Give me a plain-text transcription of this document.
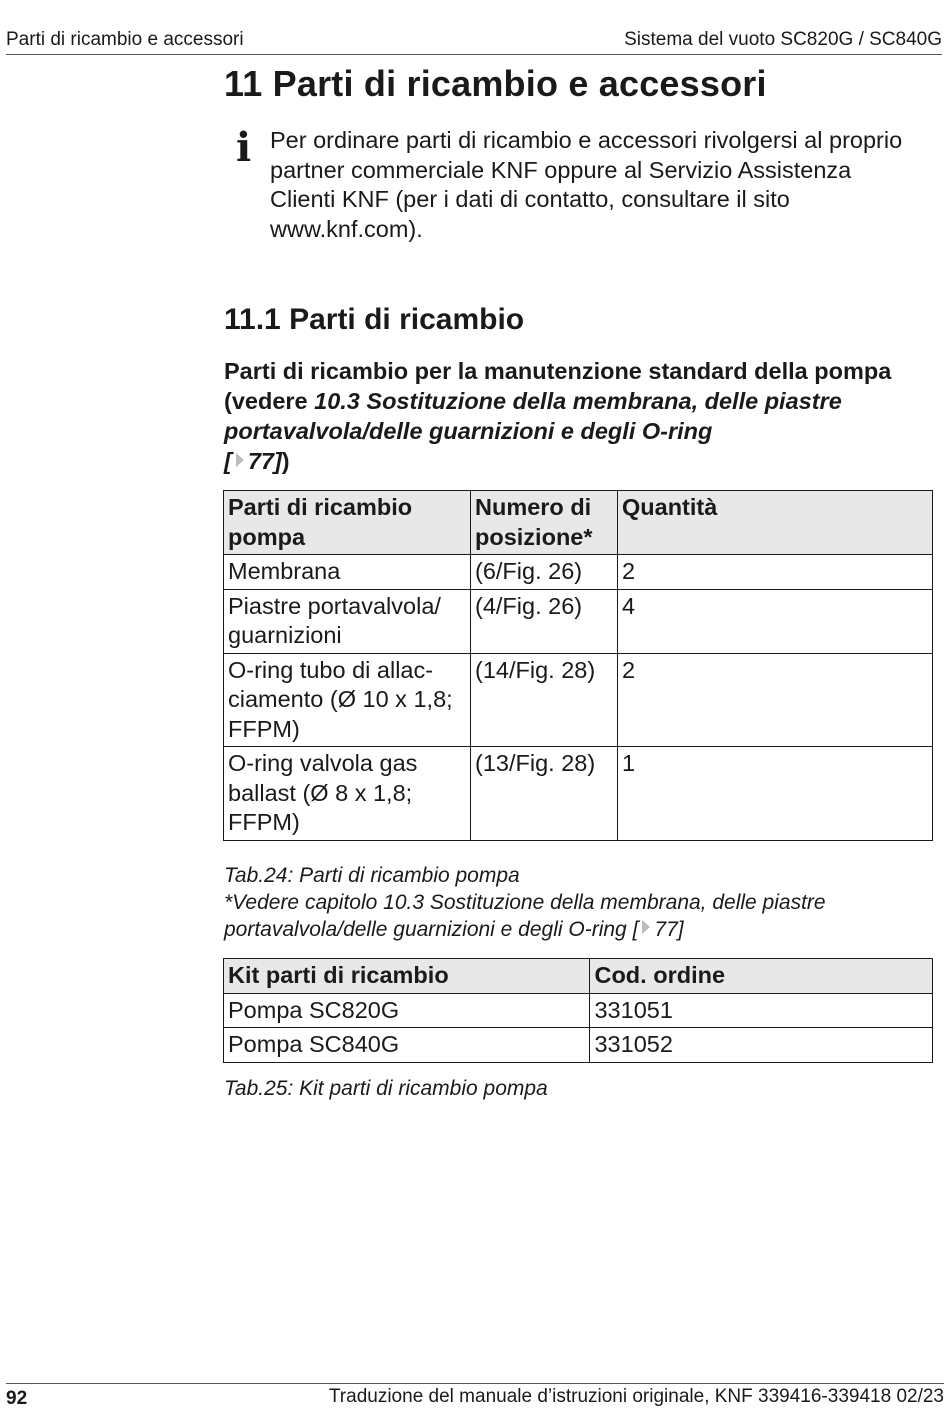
Parti di ricambio e accessori	Sistema del vuoto SC820G / SC840G
11 Parti di ricambio e accessori
i Per ordinare parti di ricambio e accessori rivolgersi al proprio partner commerciale KNF oppure al Servizio Assistenza Clienti KNF (per i dati di contatto, consultare il sito www.knf.com).
11.1 Parti di ricambio

Parti di ricambio per la manutenzione standard della pompa (vedere 10.3 Sostituzione della membrana, delle piastre portavalvola/delle guarnizioni e degli O-ring
[ 77])

Parti di ricambio pompa	Numero di posizione*	Quantità
Membrana	(6/Fig. 26)	2
Piastre portavalvola/ guarnizioni	(4/Fig. 26)	4
O-ring tubo di allac-ciamento (Ø 10 x 1,8; FFPM)	(14/Fig. 28)	2
O-ring valvola gas ballast (Ø 8 x 1,8; FFPM)	(13/Fig. 28)	1
Tab.24: Parti di ricambio pompa
*Vedere capitolo 10.3 Sostituzione della membrana, delle piastre portavalvola/delle guarnizioni e degli O-ring [ 77]
Kit parti di ricambio	Cod. ordine
Pompa SC820G	331051
Pompa SC840G	331052
Tab.25: Kit parti di ricambio pompa
92	Traduzione del manuale d’istruzioni originale, KNF 339416-339418 02/23
